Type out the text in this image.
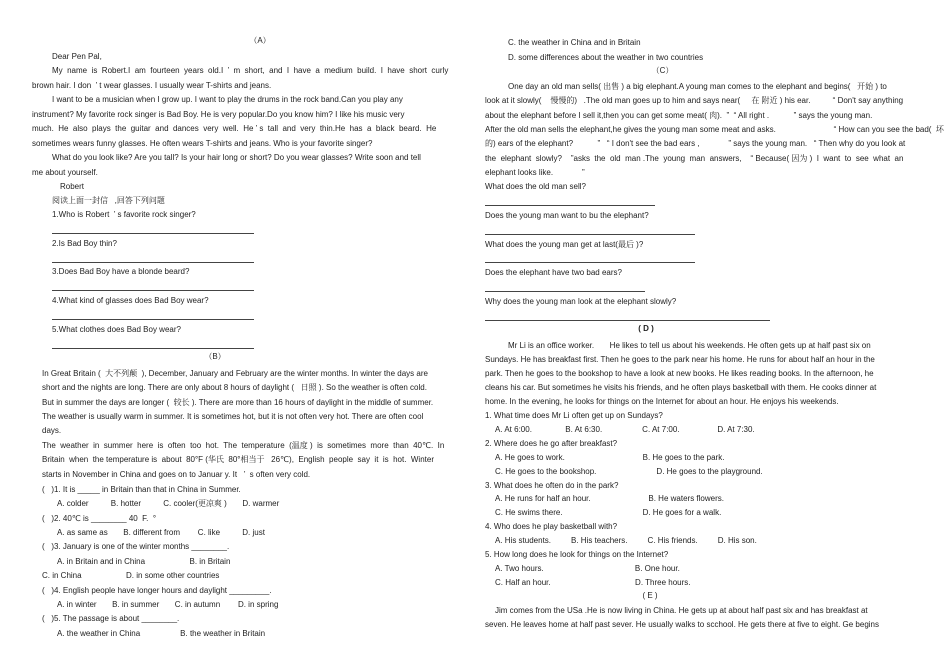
（A）
Dear Pen Pal,
My  name  is  Robert.I  am  fourteen  years  old.I  ’  m  short,  and  I  have  a  medium  build.  I  have  short  curly
brown hair. I don  ’ t wear glasses. I usually wear T-shirts and jeans.
I want to be a musician when I grow up. I want to play the drums in the rock band.Can you play any
instrument? My favorite rock singer is Bad Boy. He is very popular.Do you know him? I like his music very
much.  He  also  plays  the  guitar  and  dances  very  well.  He ’ s  tall  and  very  thin.He  has  a  black  beard.  He
sometimes wears funny glasses. He often wears T-shirts and jeans. Who is your favorite singer?
What do you look like? Are you tall? Is your hair long or short? Do you wear glasses? Write soon and tell
me about yourself.
Robert
阅读上面一封信   ,回答下列问题
1.Who is Robert  ’ s favorite rock singer?
2.Is Bad Boy thin?
3.Does Bad Boy have a blonde beard?
4.What kind of glasses does Bad Boy wear?
5.What clothes does Bad Boy wear?
（B）
In Great Britain (  大不列颠  ), December, January and February are the winter months. In winter the days are
short and the nights are long. There are only about 8 hours of daylight (   日照 ). So the weather is often cold.
But in summer the days are longer (  较长 ). There are more than 16 hours of daylight in the middle of summer.
The weather is usually warm in summer. It is sometimes hot, but it is not often very hot. There are often cool
days.
The  weather  in  summer  here  is  often  too  hot.  The  temperature  (温度 )  is  sometimes  more  than  40℃.  In
Britain  when  the temperature is  about  80°F (华氏  80°相当于   26℃),  English  people  say  it  is  hot.  Winter
starts in November in China and goes on to Januar y. It   ’  s often very cold.
(   )1. It is _____ in Britain than that in China in Summer.
A. colder          B. hotter          C. cooler(更凉爽 )       D. warmer
(   )2. 40℃ is ________ 40  F.  °
A. as same as       B. different from        C. like          D. just
(   )3. January is one of the winter months ________.
A. in Britain and in China                    B. in Britain
C. in China                    D. in some other countries
(   )4. English people have longer hours and daylight _________.
A. in winter       B. in summer       C. in autumn        D. in spring
(   )5. The passage is about ________.
A. the weather in China                  B. the weather in Britain
C. the weather in China and in Britain
D. some differences about the weather in two countries
（C）
One day an old man sells( 出售 ) a big elephant.A young man comes to the elephant and begins(   开始 ) to
look at it slowly(    慢慢的)   .The old man goes up to him and says near(     在 附近 ) his ear.          “ Don't say anything
about the elephant before I sell it,then you can get some meat( 肉).  ”  “ All right .           ” says the young man.
After the old man sells the elephant,he gives the young man some meat and asks.                          “ How can you see the bad(  坏
的) ears of the elephant?           ”   “ I don't see the bad ears ,             ” says the young man.   “ Then why do you look at
the  elephant  slowly?    ”asks  the  old  man .The  young  man  answers,    “ Because( 因为 )  I  want  to  see  what  an
elephant looks like.             ”
What does the old man sell?
Does the young man want to bu the elephant?
What does the young man get at last(最后 )?
Does the elephant have two bad ears?
Why does the young man look at the elephant slowly?
( D )
Mr Li is an office worker.       He likes to tell us about his weekends. He often gets up at half past six on
Sundays. He has breakfast first. Then he goes to the park near his home. He runs for about half an hour in the
park. Then he goes to the bookshop to have a look at new books. He likes reading books. In the afternoon, he
cleans his car. But sometimes he visits his friends, and he often plays basketball with them. He cooks dinner at
home. In the evening, he looks for things on the Internet for about an hour. He enjoys his weekends.
1. What time does Mr Li often get up on Sundays?
A. At 6:00.               B. At 6:30.                  C. At 7:00.                 D. At 7:30.
2. Where does he go after breakfast?
A. He goes to work.                                   B. He goes to the park.
C. He goes to the bookshop.                           D. He goes to the playground.
3. What does he often do in the park?
A. He runs for half an hour.                          B. He waters flowers.
C. He swims there.                                    D. He goes for a walk.
4. Who does he play basketball with?
A. His students.         B. His teachers.         C. His friends.         D. His son.
5. How long does he look for things on the Internet?
A. Two hours.                                         B. One hour.
C. Half an hour.                                      D. Three hours.
( E )
Jim comes from the USa .He is now living in China. He gets up at about half past six and has breakfast at
seven. He leaves home at half past sever. He usually walks to scchool. He gets there at five to eight. Ge begins
